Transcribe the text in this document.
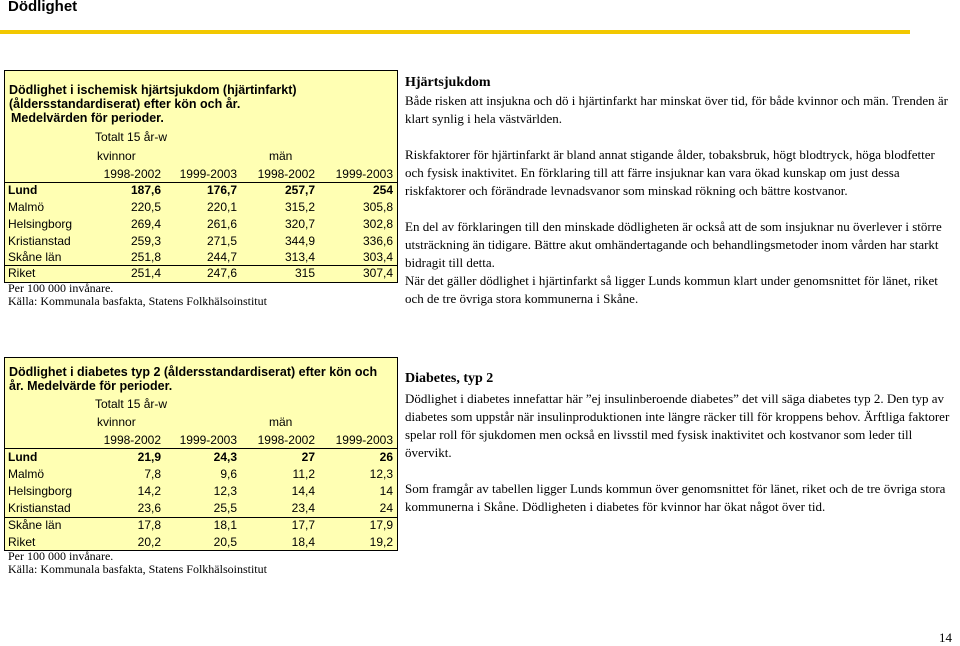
Dödlighet
Dödlighet i ischemisk hjärtsjukdom (hjärtinfarkt)
(åldersstandardiserat) efter kön och år.
Medelvärden för perioder.
Totalt 15 år-w
kvinnor	män
1998-2002 1999-2003 1998-2002 1999-2003
Lund	187,6	176,7	257,7	254
Malmö	220,5	220,1	315,2	305,8
Helsingborg	269,4	261,6	320,7	302,8
Kristianstad	259,3	271,5	344,9	336,6
Skåne län	251,8	244,7	313,4	303,4
Riket	251,4	247,6	315	307,4
Per 100 000 invånare.
Källa: Kommunala basfakta, Statens Folkhälsoinstitut
Dödlighet i diabetes typ 2 (åldersstandardiserat) efter kön och
år. Medelvärde för perioder.
Totalt 15 år-w
kvinnor	män
1998-2002 1999-2003 1998-2002 1999-2003
Lund	21,9	24,3	27	26
Malmö	7,8	9,6	11,2	12,3
Helsingborg	14,2	12,3	14,4	14
Kristianstad	23,6	25,5	23,4	24
Skåne län	17,8	18,1	17,7	17,9
Riket	20,2	20,5	18,4	19,2
Per 100 000 invånare.
Källa: Kommunala basfakta, Statens Folkhälsoinstitut
Hjärtsjukdom

Både risken att insjukna och dö i hjärtinfarkt har minskat över tid, för både kvinnor och män. Trenden är klart synlig i hela västvärlden.

Riskfaktorer för hjärtinfarkt är bland annat stigande ålder, tobaksbruk, högt blodtryck, höga blodfetter och fysisk inaktivitet. En förklaring till att färre insjuknar kan vara ökad kunskap om just dessa riskfaktorer och förändrade levnadsvanor som minskad rökning och bättre kostvanor.

En del av förklaringen till den minskade dödligheten är också att de som insjuknar nu överlever i större utsträckning än tidigare. Bättre akut omhändertagande och behandlingsmetoder inom vården har starkt bidragit till detta.

När det gäller dödlighet i hjärtinfarkt så ligger Lunds kommun klart under genomsnittet för länet, riket och de tre övriga stora kommunerna i Skåne.

Diabetes, typ 2

Dödlighet i diabetes innefattar här ”ej insulinberoende diabetes” det vill säga diabetes typ 2. Den typ av diabetes som uppstår när insulinproduktionen inte längre räcker till för kroppens behov. Ärftliga faktorer spelar roll för sjukdomen men också en livsstil med fysisk inaktivitet och kostvanor som leder till övervikt.

Som framgår av tabellen ligger Lunds kommun över genomsnittet för länet, riket och de tre övriga stora kommunerna i Skåne. Dödligheten i diabetes för kvinnor har ökat något över tid.

14
